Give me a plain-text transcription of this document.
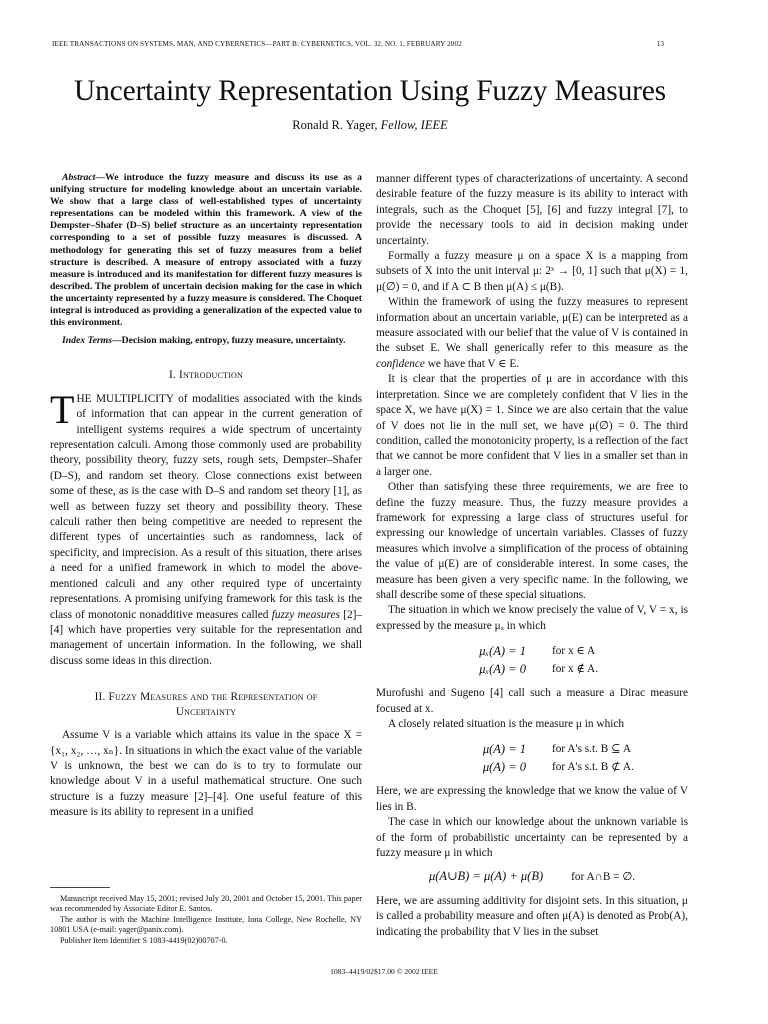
IEEE TRANSACTIONS ON SYSTEMS, MAN, AND CYBERNETICS—PART B: CYBERNETICS, VOL. 32, NO. 1, FEBRUARY 2002	13
Uncertainty Representation Using Fuzzy Measures
Ronald R. Yager, Fellow, IEEE

Abstract—We introduce the fuzzy measure and discuss its use as a unifying structure for modeling knowledge about an uncertain variable. We show that a large class of well-established types of uncertainty representations can be modeled within this framework. A view of the Dempster–Shafer (D–S) belief structure as an uncertainty representation corresponding to a set of possible fuzzy measures is discussed. A methodology for generating this set of fuzzy measures from a belief structure is described. A measure of entropy associated with a fuzzy measure is introduced and its manifestation for different fuzzy measures is described. The problem of uncertain decision making for the case in which the uncertainty represented by a fuzzy measure is considered. The Choquet integral is introduced as providing a generalization of the expected value to this environment.

Index Terms—Decision making, entropy, fuzzy measure, uncertainty.

I. Introduction

THE MULTIPLICITY of modalities associated with the kinds of information that can appear in the current generation of intelligent systems requires a wide spectrum of uncertainty representation calculi. Among those commonly used are probability theory, possibility theory, fuzzy sets, rough sets, Dempster–Shafer (D–S), and random set theory. Close connections exist between some of these, as is the case with D–S and random set theory [1], as well as between fuzzy set theory and possibility theory. These calculi rather then being competitive are needed to represent the different types of uncertainties such as randomness, lack of specificity, and imprecision. As a result of this situation, there arises a need for a unified framework in which to model the above-mentioned calculi and any other required type of uncertainty representations. A promising unifying framework for this task is the class of monotonic nonadditive measures called fuzzy measures [2]–[4] which have properties very suitable for the representation and management of uncertain information. In the following, we shall discuss some ideas in this direction.

II. Fuzzy Measures and the Representation of
Uncertainty

Assume V is a variable which attains its value in the space X = {x₁, x₂, …, xₙ}. In situations in which the exact value of the variable V is unknown, the best we can do is to try to formulate our knowledge about V in a useful mathematical structure. One such structure is a fuzzy measure [2]–[4]. One useful feature of this measure is its ability to represent in a unified

manner different types of characterizations of uncertainty. A second desirable feature of the fuzzy measure is its ability to interact with integrals, such as the Choquet [5], [6] and fuzzy integral [7], to provide the necessary tools to aid in decision making under uncertainty.

Formally a fuzzy measure μ on a space X is a mapping from subsets of X into the unit interval μ: 2ˣ → [0, 1] such that μ(X) = 1, μ(∅) = 0, and if A ⊂ B then μ(A) ≤ μ(B).

Within the framework of using the fuzzy measures to represent information about an uncertain variable, μ(E) can be interpreted as a measure associated with our belief that the value of V is contained in the subset E. We shall generically refer to this measure as the confidence we have that V ∈ E.

It is clear that the properties of μ are in accordance with this interpretation. Since we are completely confident that V lies in the space X, we have μ(X) = 1. Since we are also certain that the value of V does not lie in the null set, we have μ(∅) = 0. The third condition, called the monotonicity property, is a reflection of the fact that we cannot be more confident that V lies in a smaller set than in a larger one.

Other than satisfying these three requirements, we are free to define the fuzzy measure. Thus, the fuzzy measure provides a framework for expressing a large class of structures useful for expressing our knowledge of uncertain variables. Classes of fuzzy measures which involve a simplification of the process of obtaining the value of μ(E) are of considerable interest. In some cases, the measure has been given a very specific name. In the following, we shall describe some of these special situations.

The situation in which we know precisely the value of V, V = x, is expressed by the measure μₓ in which

μₓ(A) = 1	for x ∈ A
μₓ(A) = 0	for x ∉ A.

Murofushi and Sugeno [4] call such a measure a Dirac measure focused at x.

A closely related situation is the measure μ in which

μ(A) = 1	for A's s.t. B ⊆ A
μ(A) = 0	for A's s.t. B ⊄ A.

Here, we are expressing the knowledge that we know the value of V lies in B.

The case in which our knowledge about the unknown variable is of the form of probabilistic uncertainty can be represented by a fuzzy measure μ in which

μ(A∪B) = μ(A) + μ(B) for A∩B = ∅.

Here, we are assuming additivity for disjoint sets. In this situation, μ is called a probability measure and often μ(A) is denoted as Prob(A), indicating the probability that V lies in the subset

Manuscript received May 15, 2001; revised July 20, 2001 and October 15, 2001. This paper was recommended by Associate Editor E. Santos.

The author is with the Machine Intelligence Institute, Iona College, New Rochelle, NY 10801 USA (e-mail: yager@panix.com).

Publisher Item Identifier S 1083-4419(02)00707-0.

1083–4419/02$17.00 © 2002 IEEE
